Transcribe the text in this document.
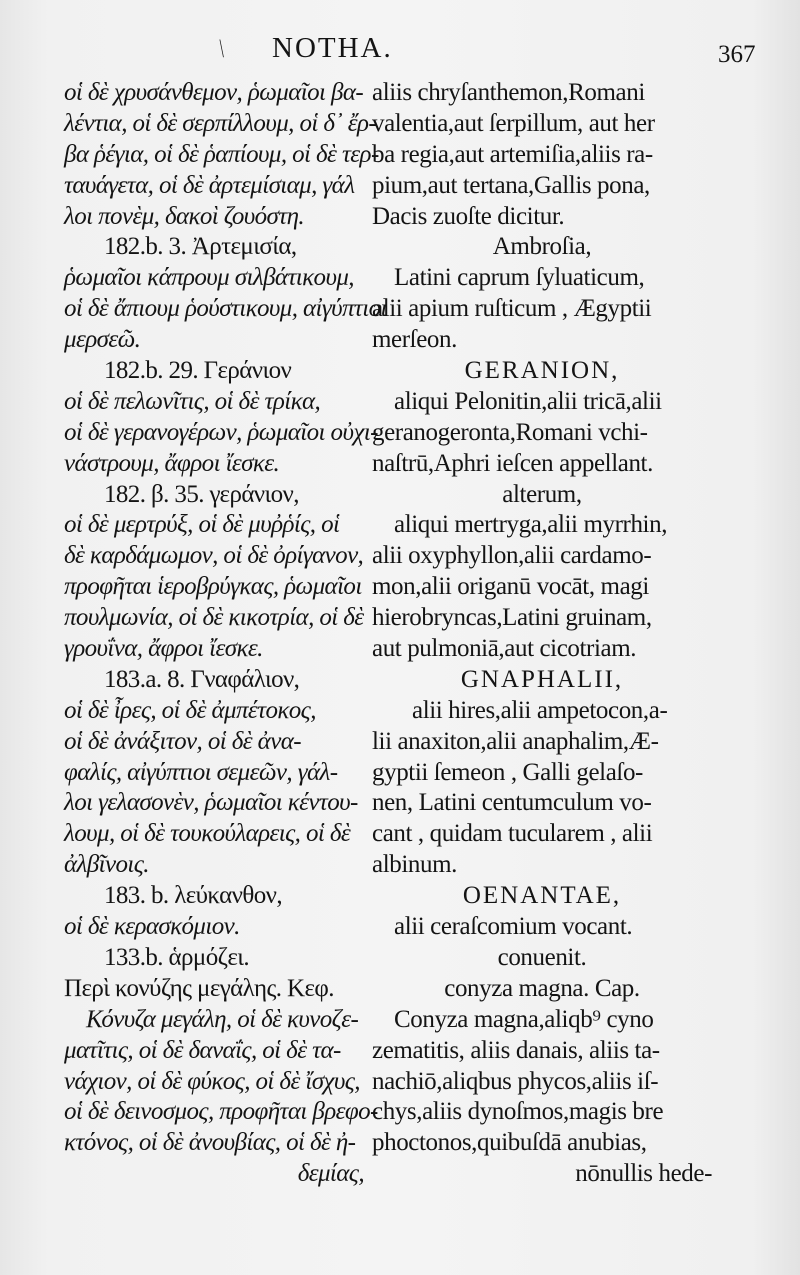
\ NOTHA.	367
οἱ δὲ χρυσάνθεμον, ῥωμαῖοι βα-
λέντια, οἱ δὲ σερπίλλουμ, οἱ δ᾽ ἔρ-
βα ῥέγια, οἱ δὲ ῥαπίουμ, οἱ δὲ τερ-
ταυάγετα, οἱ δὲ ἀρτεμίσιαμ, γάλ
λοι πονὲμ, δακοὶ ζουόστη.
182.b. 3. Ἀρτεμισία,
ῥωμαῖοι κάπρουμ σιλβάτικουμ,
οἱ δὲ ἄπιουμ ῥούστικουμ, αἰγύπτιοι
μερσεῶ.
182.b. 29. Γεράνιον
οἱ δὲ πελωνῖτις, οἱ δὲ τρίκα,
οἱ δὲ γερανογέρων, ῥωμαῖοι οὐχι-
νάστρουμ, ἄφροι ἴεσκε.
182. β. 35. γεράνιον,
οἱ δὲ μερτρύξ, οἱ δὲ μυῤῥίς, οἱ
δὲ καρδάμωμον, οἱ δὲ ὀρίγανον,
προφῆται ἱεροβρύγκας, ῥωμαῖοι
πουλμωνία, οἱ δὲ κικοτρία, οἱ δὲ
γρουΐνα, ἄφροι ἴεσκε.
183.a. 8. Γναφάλιον,
οἱ δὲ ἶρες, οἱ δὲ ἀμπέτοκος,
οἱ δὲ ἀνάξιτον, οἱ δὲ ἀνα-
φαλίς, αἰγύπτιοι σεμεῶν, γάλ-
λοι γελασονὲν, ῥωμαῖοι κέντου-
λουμ, οἱ δὲ τουκούλαρεις, οἱ δὲ
ἀλβῖνοις.
183. b. λεύκανθον,
οἱ δὲ κερασκόμιον.
133.b. ἁρμόζει.
Περὶ κονύζης μεγάλης. Κεφ.
Κόνυζα μεγάλη, οἱ δὲ κυνοζε-
ματῖτις, οἱ δὲ δαναΐς, οἱ δὲ τα-
νάχιον, οἱ δὲ φύκος, οἱ δὲ ἴσχυς,
οἱ δὲ δεινοσμος, προφῆται βρεφο-
κτόνος, οἱ δὲ ἀνουβίας, οἱ δὲ ἠ-
δεμίας,
aliis chryſanthemon,Romani
valentia,aut ſerpillum, aut her
ba regia,aut artemiſia,aliis ra-
pium,aut tertana,Gallis pona,
Dacis zuoſte dicitur.
Ambroſia,
Latini caprum ſyluaticum,
alii apium ruſticum , Ægyptii
merſeon.
GERANION,
aliqui Pelonitin,alii tricā,alii
geranogeronta,Romani vchi-
naſtrū,Aphri ieſcen appellant.
alterum,
aliqui mertryga,alii myrrhin,
alii oxyphyllon,alii cardamo-
mon,alii origanū vocāt, magi
hierobryncas,Latini gruinam,
aut pulmoniā,aut cicotriam.
GNAPHALII,
alii hires,alii ampetocon,a-
lii anaxiton,alii anaphalim,Æ-
gyptii ſemeon , Galli gelaſo-
nen, Latini centumculum vo-
cant , quidam tucularem , alii
albinum.
OENANTAE,
alii ceraſcomium vocant.
conuenit.
conyza magna. Cap.
Conyza magna,aliqb⁹ cyno
zematitis, aliis danais, aliis ta-
nachiō,aliqbus phycos,aliis iſ-
chys,aliis dynoſmos,magis bre
phoctonos,quibuſdā anubias,
nōnullis hede-
